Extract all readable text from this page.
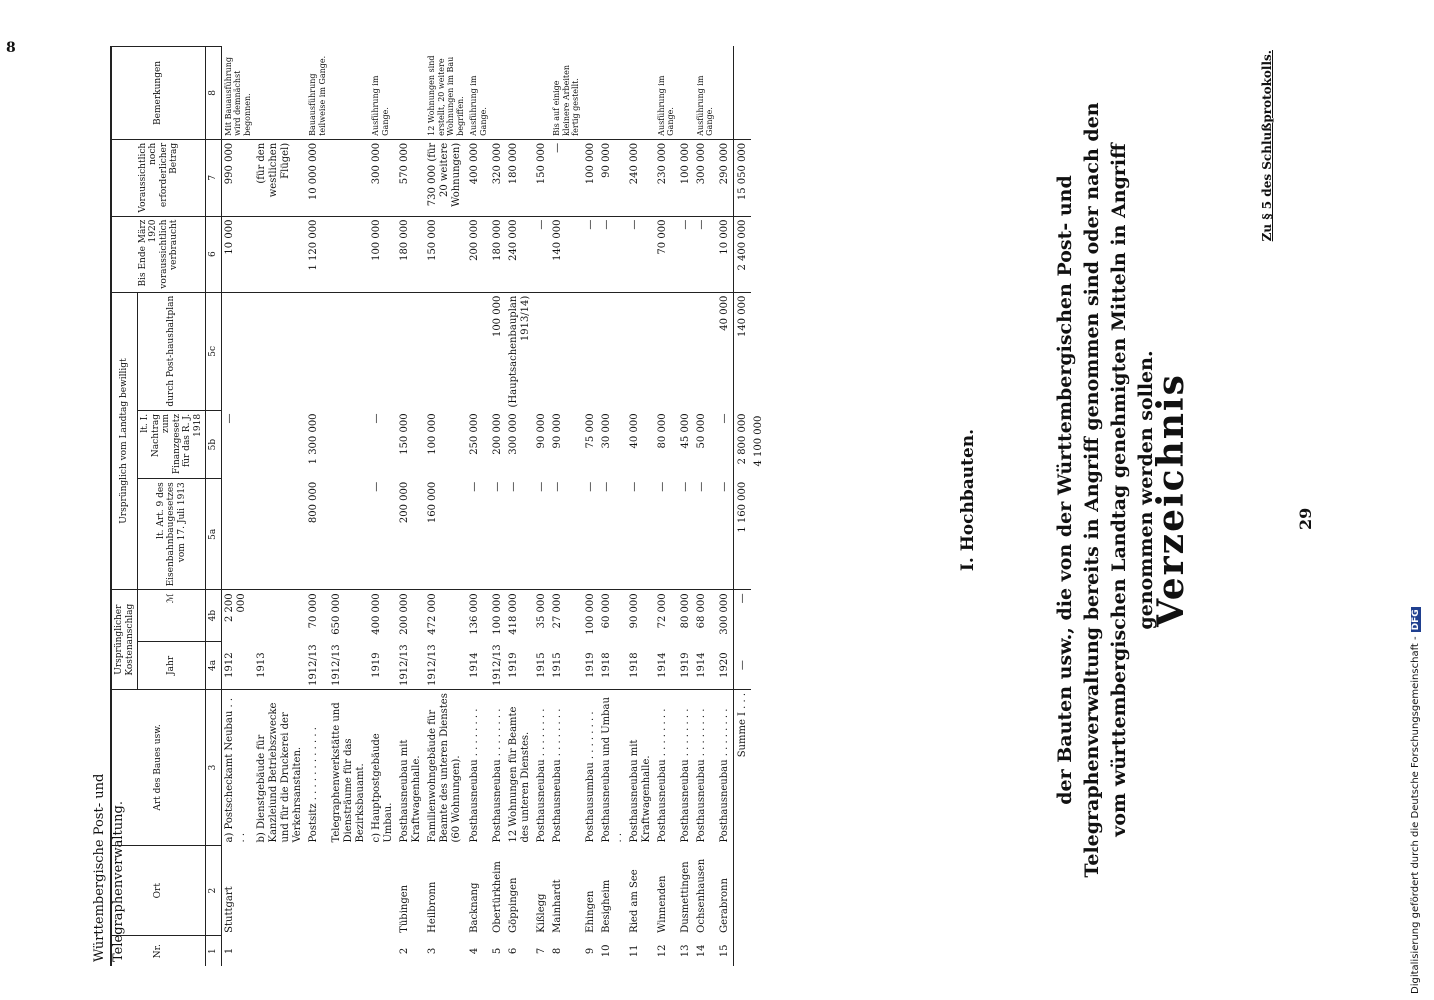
Württembergische Post- und Telegraphenverwaltung.
29
Zu § 5 des Schlußprotokolls.
Verzeichnis
der Bauten usw., die von der Württembergischen Post- und Telegraphenverwaltung bereits in Angriff genommen sind oder nach den vom württembergischen Landtag genehmigten Mitteln in Angriff genommen werden sollen.
I. Hochbauten.
Nr.	Ort	Art des Baues usw.	Ursprünglicher Kostenanschlag		Ursprünglich vom Landtag bewilligt			Bis Ende März 1920 voraussichtlich verbraucht	Voraussichtlich noch erforderlicher Betrag	Bemerkungen
			Jahr	ℳ	lt. Art. 9 des Eisenbahnbaugesetzes vom 17. Juli 1913	lt. I. Nachtrag zum Finanzgesetz für das R. J. 1918	durch Post-haushaltplan			
1	2	3	4a	4b	5a	5b	5c	6	7	8
1	Stuttgart	a) Postscheckamt Neubau . . . .	1912	2 200 000		—		10 000	990 000	Mit Bauausführung wird demnächst begonnen.
		b) Dienstgebäude für Kanzleiund Betriebszwecke und für die Druckerei der Verkehrsanstalten.	1913						(für den westlichen Flügel)	
		Postsitz . . . . . . . . . . . .	1912/13	70 000	800 000	1 300 000		1 120 000	10 000 000	Bauausführung teilweise im Gange.
		Telegraphenwerkstätte und Diensträume für das Bezirksbauamt.	1912/13	650 000						
		c) Hauptpostgebäude Umbau.	1919	400 000	—	—		100 000	300 000	Ausführung im Gange.
2	Tübingen	Posthausneubau mit Kraftwagenhalle.	1912/13	200 000	200 000	150 000		180 000	570 000	
3	Heilbronn	Familienwohngebäude für Beamte des unteren Dienstes (60 Wohnungen).	1912/13	472 000	160 000	100 000		150 000	730 000 (für 20 weitere Wohnungen)	12 Wohnungen sind erstellt, 20 weitere Wohnungen im Bau begriffen.
4	Backnang	Posthausneubau . . . . . . . .	1914	136 000	—	250 000		200 000	400 000	Ausführung im Gange.
5	Obertürkheim	Posthausneubau . . . . . . . .	1912/13	100 000	—	200 000	100 000	180 000	320 000	
6	Göppingen	12 Wohnungen für Beamte des unteren Dienstes.	1919	418 000	—	300 000	(Hauptsachenbauplan 1913/14)	240 000	180 000	
7	Kißlegg	Posthausneubau . . . . . . . .	1915	35 000	—	90 000		—	150 000	
8	Mainhardt	Posthausneubau . . . . . . . .	1915	27 000	—	90 000		140 000	—	Bis auf einige kleinere Arbeiten fertig gestellt.
9	Ehingen	Posthausumbau . . . . . . . .	1919	100 000	—	75 000		—	100 000	
10	Besigheim	Posthausneubau und Umbau . .	1918	60 000	—	30 000		—	90 000	
11	Ried am See	Posthausneubau mit Kraftwagenhalle.	1918	90 000	—	40 000		—	240 000	
12	Winnenden	Posthausneubau . . . . . . . .	1914	72 000	—	80 000		70 000	230 000	Ausführung im Gange.
13	Dusmettingen	Posthausneubau . . . . . . . .	1919	80 000	—	45 000		—	100 000	
14	Ochsenhausen	Posthausneubau . . . . . . . .	1914	68 000	—	50 000		—	300 000	Ausführung im Gange.
15	Gerabronn	Posthausneubau . . . . . . . .	1920	300 000	—	—	40 000	10 000	290 000	
		Summe I . . .	—	—	1 160 000	2 800 000	140 000	2 400 000	15 050 000	
					4 100 000					
Digitalisierung gefördert durch die Deutsche Forschungsgemeinschaft -DFG
8
